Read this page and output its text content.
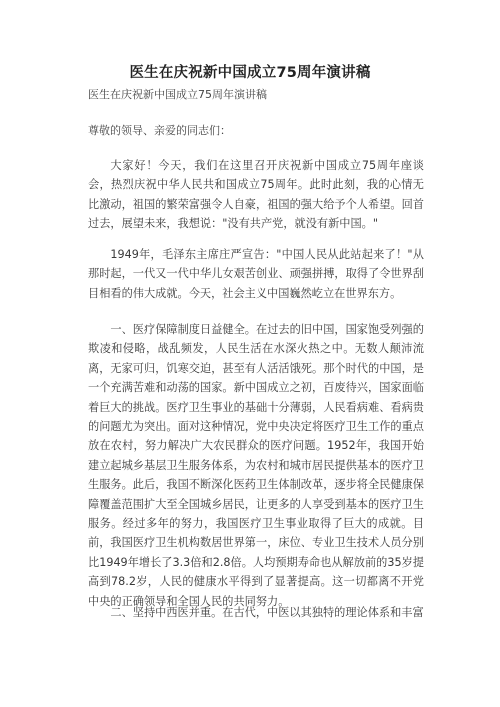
医生在庆祝新中国成立75周年演讲稿

医生在庆祝新中国成立75周年演讲稿

尊敬的领导、亲爱的同志们：

大家好！今天，我们在这里召开庆祝新中国成立75周年座谈会，热烈庆祝中华人民共和国成立75周年。此时此刻，我的心情无比激动，祖国的繁荣富强令人自豪，祖国的强大给予个人希望。回首过去，展望未来，我想说："没有共产党，就没有新中国。"

1949年，毛泽东主席庄严宣告："中国人民从此站起来了！"从那时起，一代又一代中华儿女艰苦创业、顽强拼搏，取得了令世界刮目相看的伟大成就。今天，社会主义中国巍然屹立在世界东方。

一、医疗保障制度日益健全。在过去的旧中国，国家饱受列强的欺凌和侵略，战乱频发，人民生活在水深火热之中。无数人颠沛流离，无家可归，饥寒交迫，甚至有人活活饿死。那个时代的中国，是一个充满苦难和动荡的国家。新中国成立之初，百废待兴，国家面临着巨大的挑战。医疗卫生事业的基础十分薄弱，人民看病难、看病贵的问题尤为突出。面对这种情况，党中央决定将医疗卫生工作的重点放在农村，努力解决广大农民群众的医疗问题。1952年，我国开始建立起城乡基层卫生服务体系，为农村和城市居民提供基本的医疗卫生服务。此后，我国不断深化医药卫生体制改革，逐步将全民健康保障覆盖范围扩大至全国城乡居民，让更多的人享受到基本的医疗卫生服务。经过多年的努力，我国医疗卫生事业取得了巨大的成就。目前，我国医疗卫生机构数居世界第一，床位、专业卫生技术人员分别比1949年增长了3.3倍和2.8倍。人均预期寿命也从解放前的35岁提高到78.2岁，人民的健康水平得到了显著提高。这一切都离不开党中央的正确领导和全国人民的共同努力。

二、坚持中西医并重。在古代，中医以其独特的理论体系和丰富
